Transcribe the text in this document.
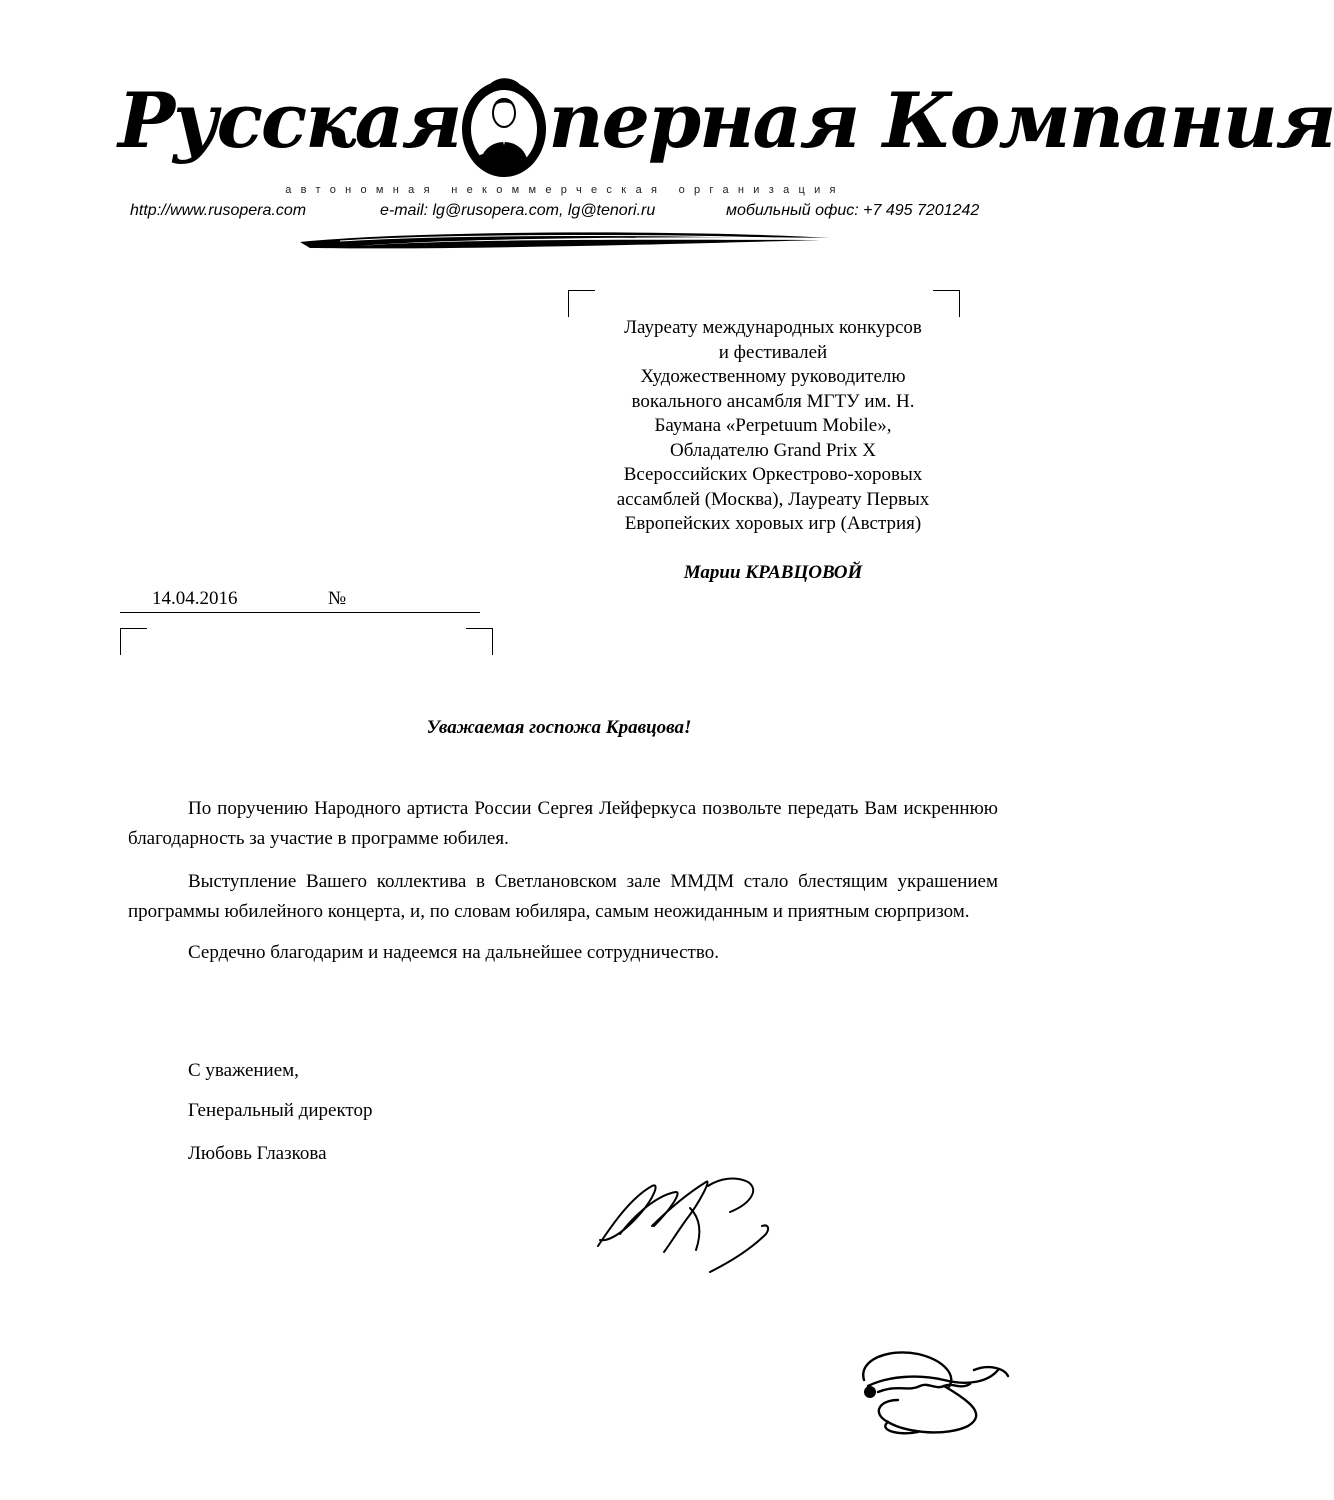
Русская перная Компания
автономная некоммерческая организация
http://www.rusopera.com	e-mail: lg@rusopera.com, lg@tenori.ru	мобильный офис: +7 495 7201242
Лауреату международных конкурсов
и фестивалей
Художественному руководителю
вокального ансамбля МГТУ им. Н.
Баумана «Perpetuum Mobile»,
Обладателю Grand Prix X
Всероссийских Оркестрово-хоровых
ассамблей (Москва), Лауреату Первых
Европейских хоровых игр (Австрия)
Марии КРАВЦОВОЙ
14.04.2016	№
Уважаемая госпожа Кравцова!
По поручению Народного артиста России Сергея Лейферкуса позвольте передать Вам искреннюю благодарность за участие в программе юбилея.
Выступление Вашего коллектива в Светлановском зале ММДМ стало блестящим украшением программы юбилейного концерта, и, по словам юбиляра, самым неожиданным и приятным сюрпризом.
Сердечно благодарим и надеемся на дальнейшее сотрудничество.
С уважением,
Генеральный директор
Любовь Глазкова
